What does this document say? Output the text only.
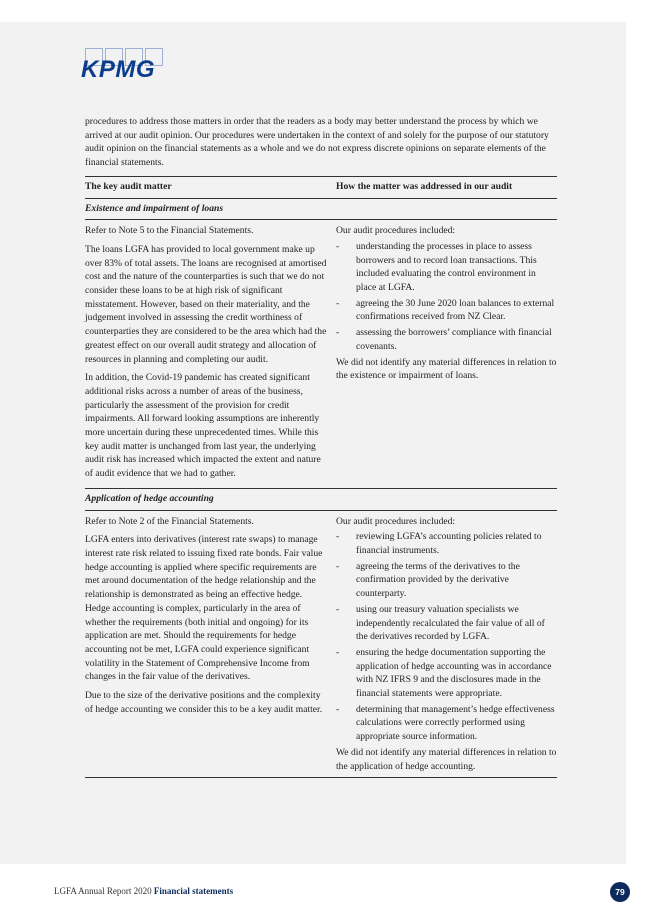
KPMG

procedures to address those matters in order that the readers as a body may better understand the process by which we arrived at our audit opinion. Our procedures were undertaken in the context of and solely for the purpose of our statutory audit opinion on the financial statements as a whole and we do not express discrete opinions on separate elements of the financial statements.

The key audit matter	How the matter was addressed in our audit
Existence and impairment of loans

Refer to Note 5 to the Financial Statements.

The loans LGFA has provided to local government make up over 83% of total assets. The loans are recognised at amortised cost and the nature of the counterparties is such that we do not consider these loans to be at high risk of significant misstatement. However, based on their materiality, and the judgement involved in assessing the credit worthiness of counterparties they are considered to be the area which had the greatest effect on our overall audit strategy and allocation of resources in planning and completing our audit.

In addition, the Covid-19 pandemic has created significant additional risks across a number of areas of the business, particularly the assessment of the provision for credit impairments. All forward looking assumptions are inherently more uncertain during these unprecedented times. While this key audit matter is unchanged from last year, the underlying audit risk has increased which impacted the extent and nature of audit evidence that we had to gather.

Our audit procedures included:

- understanding the processes in place to assess borrowers and to record loan transactions. This included evaluating the control environment in place at LGFA.
- agreeing the 30 June 2020 loan balances to external confirmations received from NZ Clear.
- assessing the borrowers’ compliance with financial covenants.

We did not identify any material differences in relation to the existence or impairment of loans.

Application of hedge accounting

Refer to Note 2 of the Financial Statements.

LGFA enters into derivatives (interest rate swaps) to manage interest rate risk related to issuing fixed rate bonds. Fair value hedge accounting is applied where specific requirements are met around documentation of the hedge relationship and the relationship is demonstrated as being an effective hedge. Hedge accounting is complex, particularly in the area of whether the requirements (both initial and ongoing) for its application are met. Should the requirements for hedge accounting not be met, LGFA could experience significant volatility in the Statement of Comprehensive Income from changes in the fair value of the derivatives.

Due to the size of the derivative positions and the complexity of hedge accounting we consider this to be a key audit matter.

Our audit procedures included:

- reviewing LGFA’s accounting policies related to financial instruments.
- agreeing the terms of the derivatives to the confirmation provided by the derivative counterparty.
- using our treasury valuation specialists we independently recalculated the fair value of all of the derivatives recorded by LGFA.
- ensuring the hedge documentation supporting the application of hedge accounting was in accordance with NZ IFRS 9 and the disclosures made in the financial statements were appropriate.
- determining that management’s hedge effectiveness calculations were correctly performed using appropriate source information.

We did not identify any material differences in relation to the application of hedge accounting.

LGFA Annual Report 2020 Financial statements	79
